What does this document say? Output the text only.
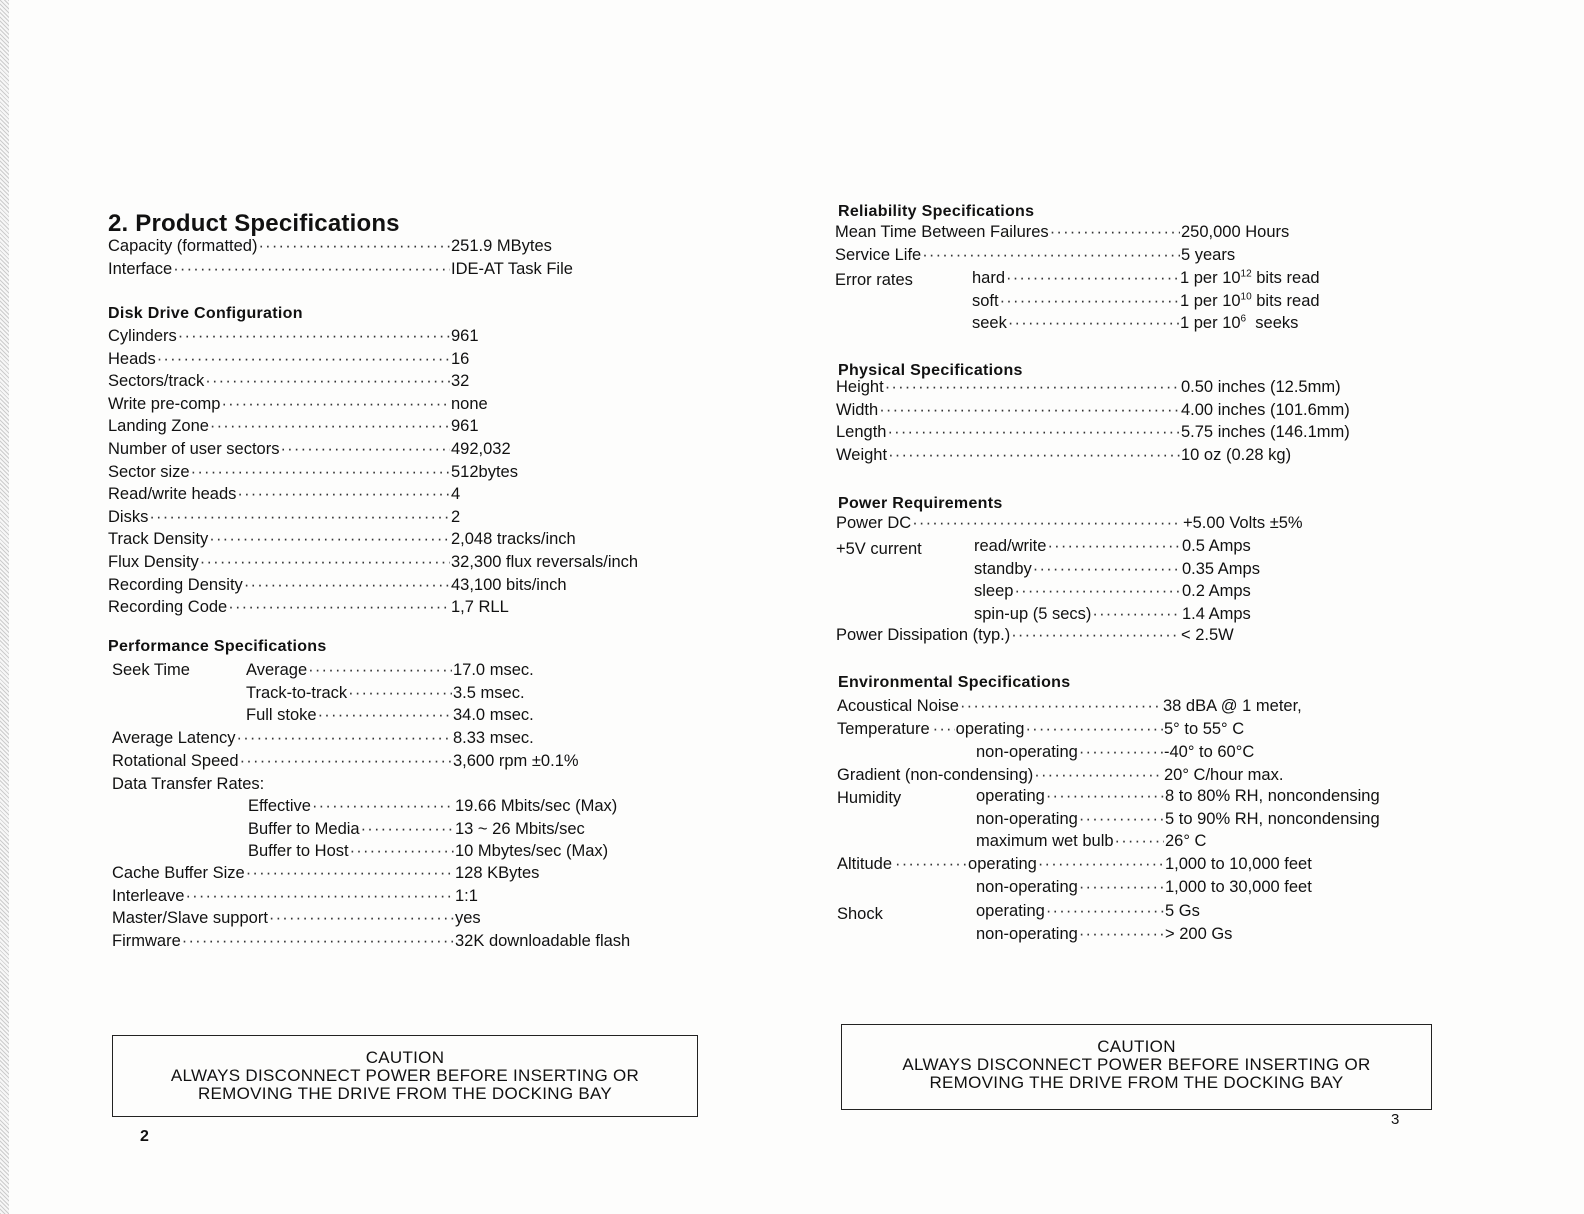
2. Product Specifications
Capacity (formatted) ·····	251.9 MBytes
Interface ·····	IDE-AT Task File
Disk Drive Configuration
Cylinders ·····	961
Heads ·····	16
Sectors/track ·····	32
Write pre-comp ·····	none
Landing Zone ·····	961
Number of user sectors ·····	492,032
Sector size ·····	512bytes
Read/write heads ·····	4
Disks ·····	2
Track Density ·····	2,048 tracks/inch
Flux Density ·····	32,300 flux reversals/inch
Recording Density ·····	43,100 bits/inch
Recording Code ·····	1,7 RLL
Performance Specifications
Seek Time	Average ·····	17.0 msec.
Track-to-track ·····	3.5 msec.
Full stoke ·····	34.0 msec.
Average Latency ·····	8.33 msec.
Rotational Speed ·····	3,600 rpm ±0.1%
Data Transfer Rates:
Effective ·····	19.66 Mbits/sec (Max)
Buffer to Media ·····	13 ~ 26 Mbits/sec
Buffer to Host ·····	10 Mbytes/sec (Max)
Cache Buffer Size ·····	128 KBytes
Interleave ·····	1:1
Master/Slave support ·····	yes
Firmware ·····	32K downloadable flash
CAUTION
ALWAYS DISCONNECT POWER BEFORE INSERTING OR
REMOVING THE DRIVE FROM THE DOCKING BAY
2
Reliability Specifications
Mean Time Between Failures ·····	250,000 Hours
Service Life ·····	5 years
Error rates	hard ·····	1 per $10^{12}$ bits read
soft ·····	1 per $10^{10}$ bits read
seek ·····	1 per $10^6$  seeks
Physical Specifications
Height ·····	0.50 inches (12.5mm)
Width ·····	4.00 inches (101.6mm)
Length ·····	5.75 inches (146.1mm)
Weight ·····	10 oz (0.28 kg)
Power Requirements
Power DC ·····	+5.00 Volts ±5%
+5V current	read/write ·····	0.5 Amps
standby ·····	0.35 Amps
sleep ·····	0.2 Amps
spin-up (5 secs) ·····	1.4 Amps
Power Dissipation (typ.) ·····	< 2.5W
Environmental Specifications
Acoustical Noise ·····	38 dBA @ 1 meter,
Temperature ····· operating ·····	5° to 55° C
non-operating ·····	-40° to 60°C
Gradient (non-condensing) ·····	20° C/hour max.
Humidity	operating ·····	8 to 80% RH, noncondensing
non-operating ·····	5 to 90% RH, noncondensing
maximum wet bulb ·····	26° C
Altitude ·····	operating ·····	1,000 to 10,000 feet
non-operating ·····	1,000 to 30,000 feet
Shock	operating ·····	5 Gs
non-operating ·····	> 200 Gs
CAUTION
ALWAYS DISCONNECT POWER BEFORE INSERTING OR
REMOVING THE DRIVE FROM THE DOCKING BAY
3
